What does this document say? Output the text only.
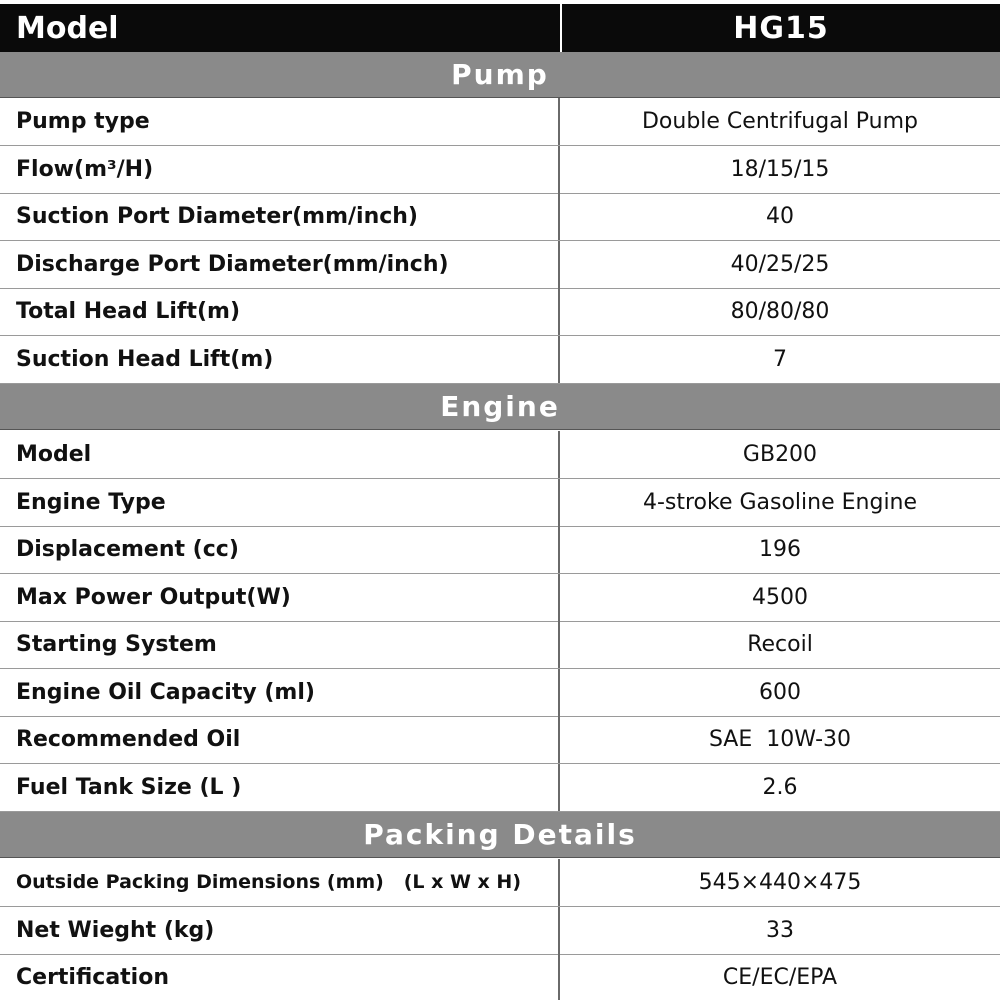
Model	HG15
Pump
Pump type	Double Centrifugal Pump
Flow(m³/H)	18/15/15
Suction Port Diameter(mm/inch)	40
Discharge Port Diameter(mm/inch)	40/25/25
Total Head Lift(m)	80/80/80
Suction Head Lift(m)	7
Engine
Model	GB200
Engine Type	4-stroke Gasoline Engine
Displacement (cc)	196
Max Power Output(W)	4500
Starting System	Recoil
Engine Oil Capacity (ml)	600
Recommended Oil	SAE  10W-30
Fuel Tank Size (L )	2.6
Packing Details
Outside Packing Dimensions (mm)   (L x W x H)	545×440×475
Net Wieght (kg)	33
Certification	CE/EC/EPA
